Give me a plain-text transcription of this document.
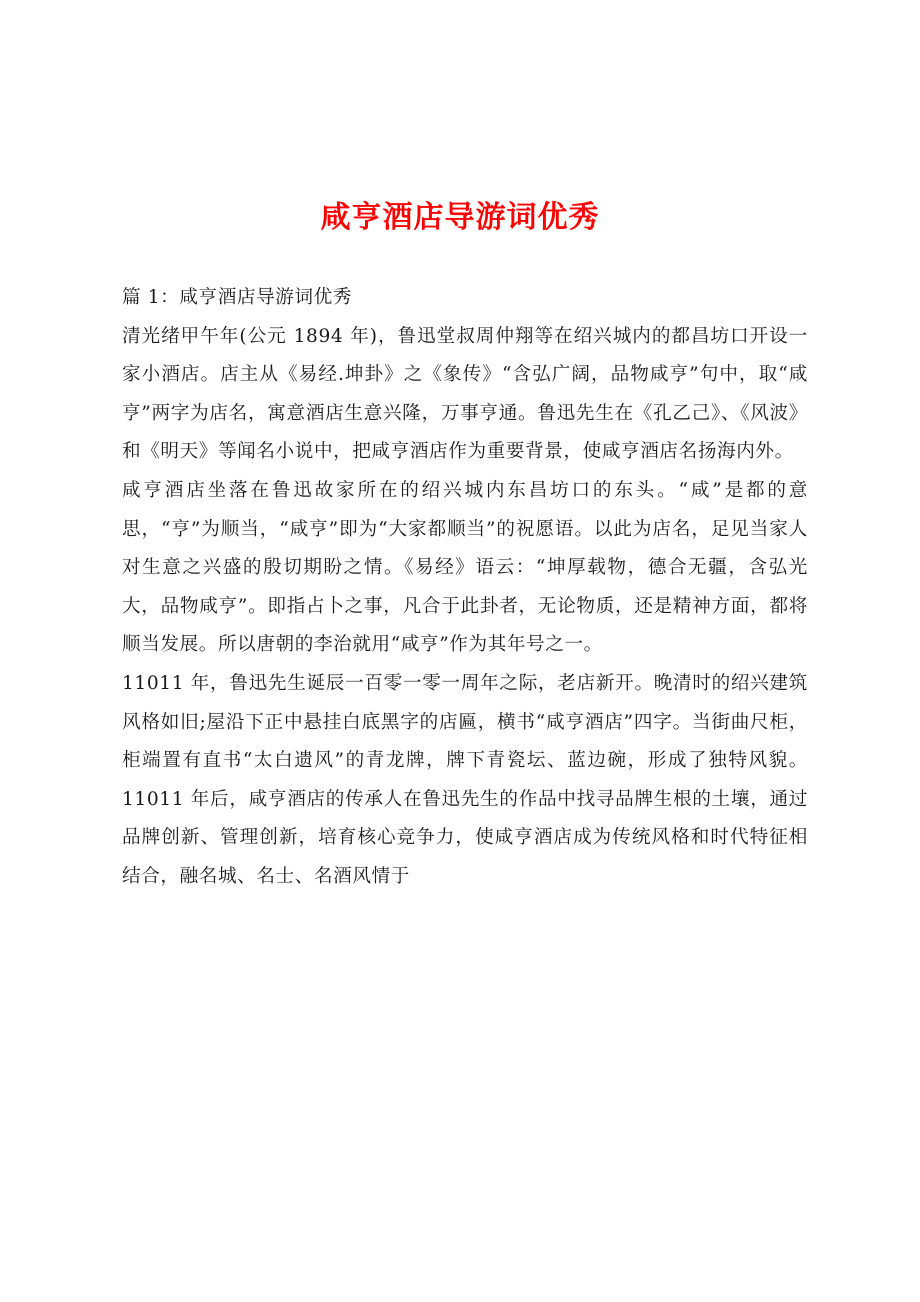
咸亨酒店导游词优秀
篇 1：咸亨酒店导游词优秀

清光绪甲午年(公元 1894 年)，鲁迅堂叔周仲翔等在绍兴城内的都昌坊口开设一家小酒店。店主从《易经.坤卦》之《象传》“含弘广阔，品物咸亨”句中，取“咸亨”两字为店名，寓意酒店生意兴隆，万事亨通。鲁迅先生在《孔乙己》、《风波》和《明天》等闻名小说中，把咸亨酒店作为重要背景，使咸亨酒店名扬海内外。

咸亨酒店坐落在鲁迅故家所在的绍兴城内东昌坊口的东头。“咸”是都的意思，“亨”为顺当，“咸亨”即为“大家都顺当”的祝愿语。以此为店名，足见当家人对生意之兴盛的殷切期盼之情。《易经》语云：“坤厚载物，德合无疆，含弘光大，品物咸亨”。即指占卜之事，凡合于此卦者，无论物质，还是精神方面，都将顺当发展。所以唐朝的李治就用“咸亨”作为其年号之一。

11011 年，鲁迅先生诞辰一百零一零一周年之际，老店新开。晚清时的绍兴建筑风格如旧;屋沿下正中悬挂白底黑字的店匾，横书“咸亨酒店”四字。当街曲尺柜，柜端置有直书“太白遗风”的青龙牌，牌下青瓷坛、蓝边碗，形成了独特风貌。11011 年后，咸亨酒店的传承人在鲁迅先生的作品中找寻品牌生根的土壤，通过品牌创新、管理创新，培育核心竞争力，使咸亨酒店成为传统风格和时代特征相结合，融名城、名士、名酒风情于
